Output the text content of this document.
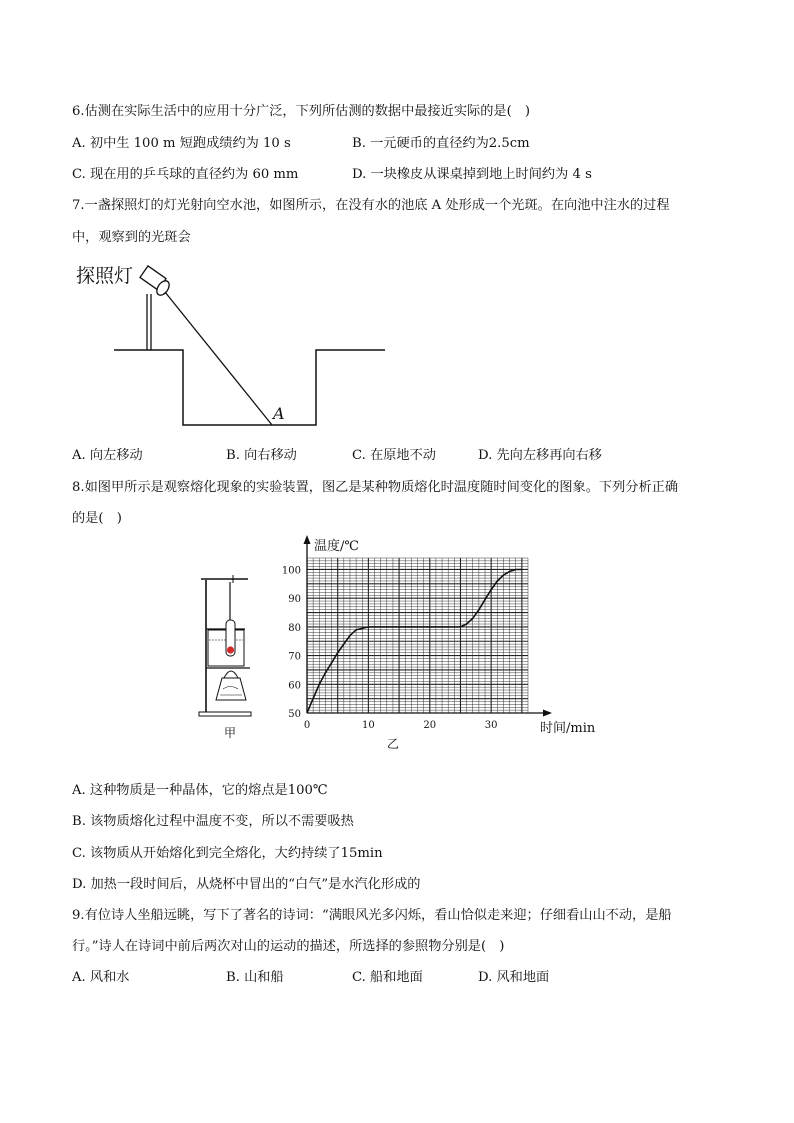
6.估测在实际生活中的应用十分广泛，下列所估测的数据中最接近实际的是(　)
A. 初中生 100 m 短跑成绩约为 10 s	B. 一元硬币的直径约为2.5cm
C. 现在用的乒乓球的直径约为 60 mm	D. 一块橡皮从课桌掉到地上时间约为 4 s
7.一盏探照灯的灯光射向空水池，如图所示，在没有水的池底 A 处形成一个光斑。在向池中注水的过程
中，观察到的光斑会
探照灯
A
A. 向左移动	B. 向右移动	C. 在原地不动	D. 先向左移再向右移
8.如图甲所示是观察熔化现象的实验装置，图乙是某种物质熔化时温度随时间变化的图象。下列分析正确
的是(　)
甲
50
60
70
80
90
100
0	10	20	30
温度/℃
时间/min
乙
A. 这种物质是一种晶体，它的熔点是100℃
B. 该物质熔化过程中温度不变，所以不需要吸热
C. 该物质从开始熔化到完全熔化，大约持续了15min
D. 加热一段时间后，从烧杯中冒出的“白气”是水汽化形成的
9.有位诗人坐船远眺，写下了著名的诗词：“满眼风光多闪烁，看山恰似走来迎；仔细看山山不动，是船
行。”诗人在诗词中前后两次对山的运动的描述，所选择的参照物分别是(　)
A. 风和水	B. 山和船	C. 船和地面	D. 风和地面
